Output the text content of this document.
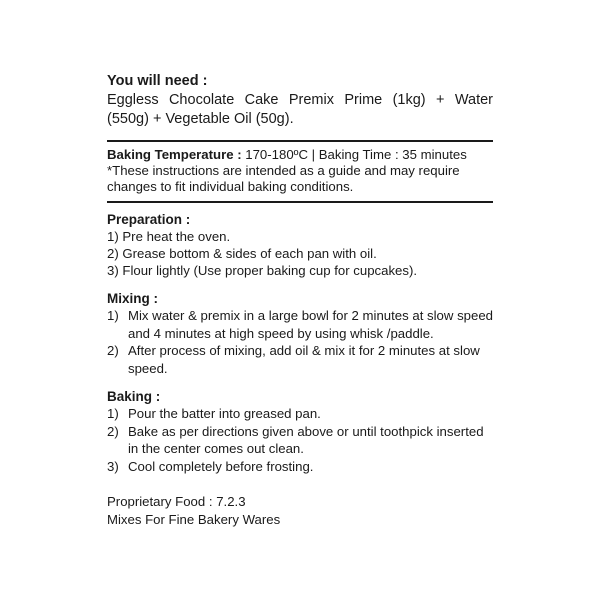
You will need :
Eggless Chocolate Cake Premix Prime (1kg) + Water (550g) + Vegetable Oil (50g).
Baking Temperature : 170-180ºC | Baking Time : 35 minutes
*These instructions are intended as a guide and may require
changes to fit individual baking conditions.
Preparation :
1) Pre heat the oven.
2) Grease bottom & sides of each pan with oil.
3) Flour lightly (Use proper baking cup for cupcakes).
Mixing :
1) Mix water & premix in a large bowl for 2 minutes at slow speed and 4 minutes at high speed by using whisk /paddle.
2) After process of mixing, add oil & mix it for 2 minutes at slow speed.
Baking :
1) Pour the batter into greased pan.
2) Bake as per directions given above or until toothpick inserted in the center comes out clean.
3) Cool completely before frosting.
Proprietary Food : 7.2.3
Mixes For Fine Bakery Wares
